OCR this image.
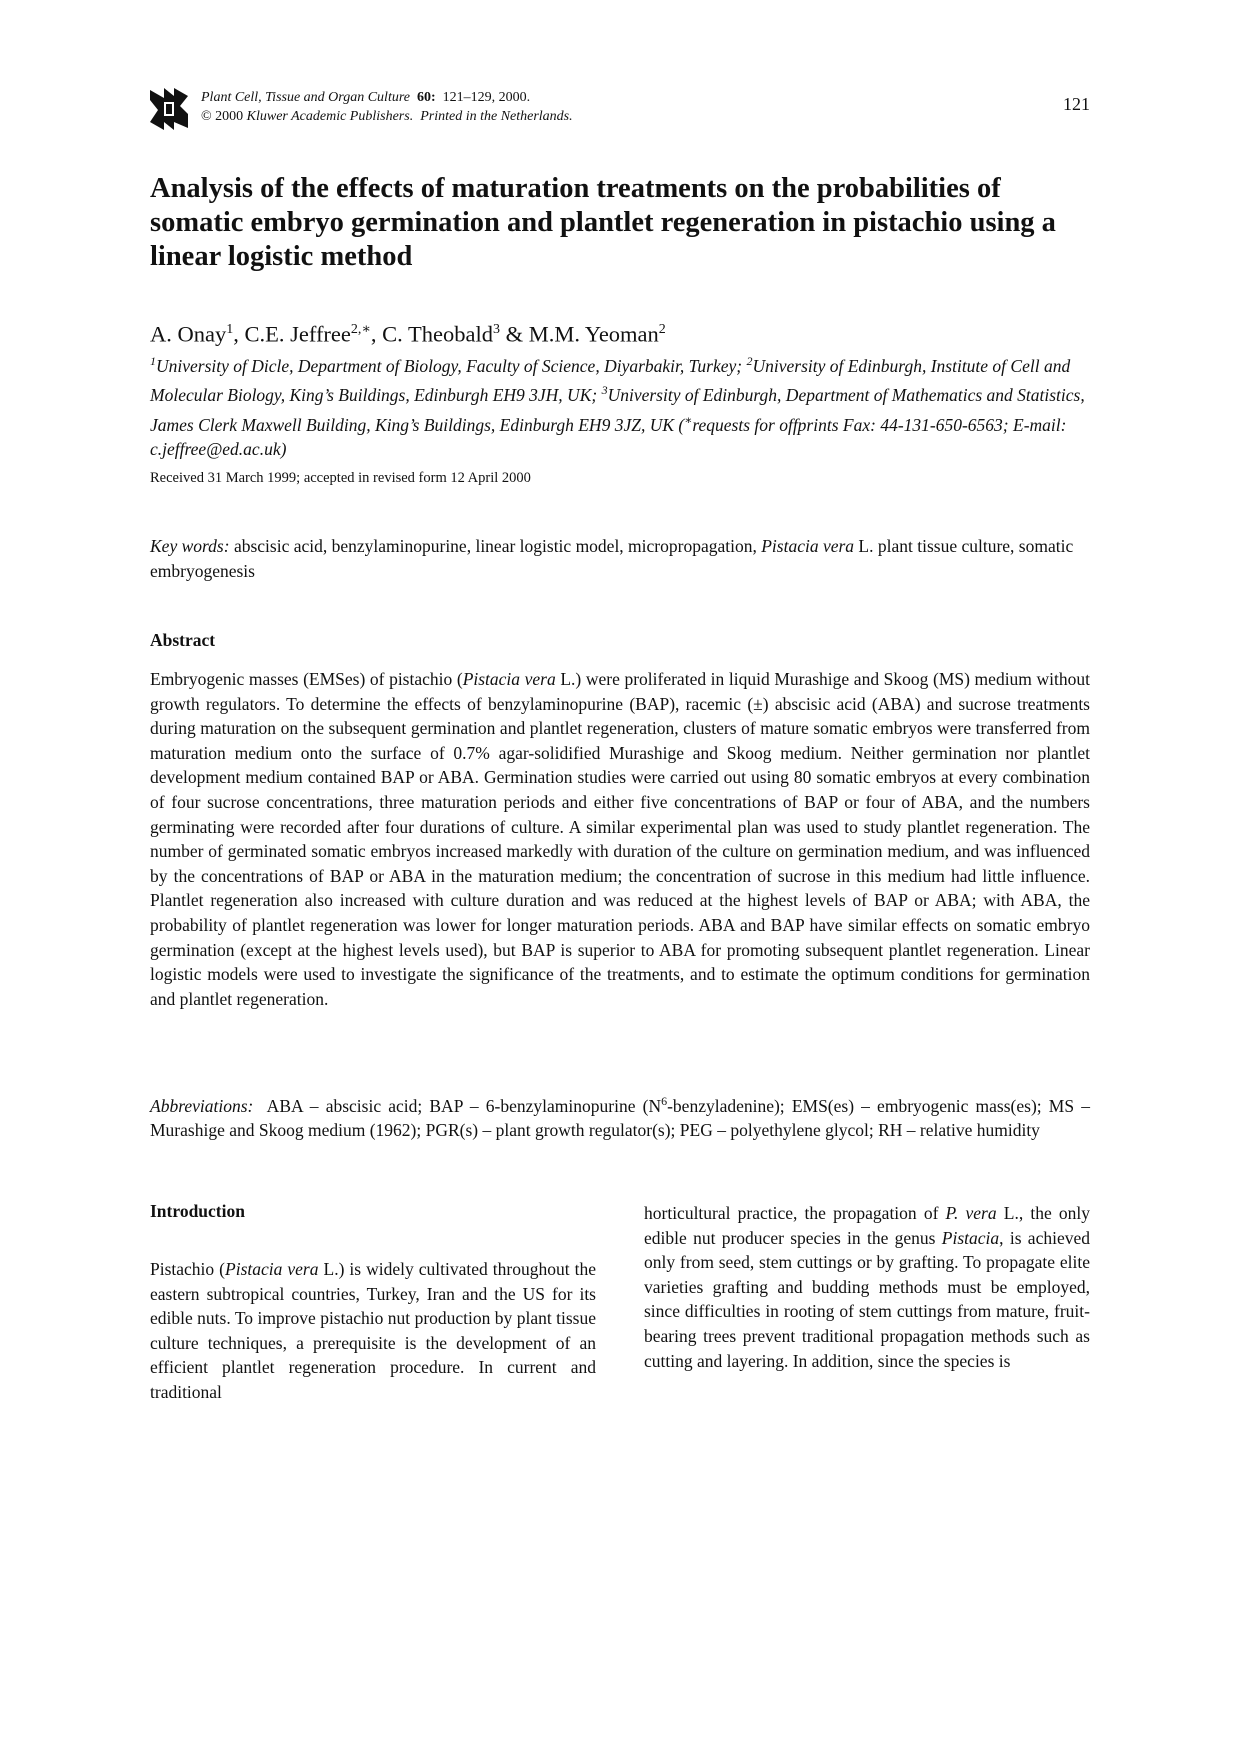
Plant Cell, Tissue and Organ Culture 60: 121–129, 2000.
© 2000 Kluwer Academic Publishers. Printed in the Netherlands.
121
Analysis of the effects of maturation treatments on the probabilities of somatic embryo germination and plantlet regeneration in pistachio using a linear logistic method
A. Onay$^1$, C.E. Jeffree$^{2,∗}$, C. Theobald$^3$ & M.M. Yeoman$^2$
$^1$University of Dicle, Department of Biology, Faculty of Science, Diyarbakir, Turkey; $^2$University of Edinburgh, Institute of Cell and Molecular Biology, King’s Buildings, Edinburgh EH9 3JH, UK; $^3$University of Edinburgh, Department of Mathematics and Statistics, James Clerk Maxwell Building, King’s Buildings, Edinburgh EH9 3JZ, UK (∗requests for offprints Fax: 44-131-650-6563; E-mail: c.jeffree@ed.ac.uk)
Received 31 March 1999; accepted in revised form 12 April 2000
Key words: abscisic acid, benzylaminopurine, linear logistic model, micropropagation, Pistacia vera L. plant tissue culture, somatic embryogenesis
Abstract

Embryogenic masses (EMSes) of pistachio (Pistacia vera L.) were proliferated in liquid Murashige and Skoog (MS) medium without growth regulators. To determine the effects of benzylaminopurine (BAP), racemic (±) abscisic acid (ABA) and sucrose treatments during maturation on the subsequent germination and plantlet regeneration, clusters of mature somatic embryos were transferred from maturation medium onto the surface of 0.7% agar-solidified Murashige and Skoog medium. Neither germination nor plantlet development medium contained BAP or ABA. Germination studies were carried out using 80 somatic embryos at every combination of four sucrose concentrations, three maturation periods and either five concentrations of BAP or four of ABA, and the numbers germinating were recorded after four durations of culture. A similar experimental plan was used to study plantlet regeneration. The number of germinated somatic embryos increased markedly with duration of the culture on germination medium, and was influenced by the concentrations of BAP or ABA in the maturation medium; the concentration of sucrose in this medium had little influence. Plantlet regeneration also increased with culture duration and was reduced at the highest levels of BAP or ABA; with ABA, the probability of plantlet regeneration was lower for longer maturation periods. ABA and BAP have similar effects on somatic embryo germination (except at the highest levels used), but BAP is superior to ABA for promoting subsequent plantlet regeneration. Linear logistic models were used to investigate the significance of the treatments, and to estimate the optimum conditions for germination and plantlet regeneration.

Abbreviations:  ABA – abscisic acid; BAP – 6-benzylaminopurine $(N^6-benzyladenine)$; EMS(es) – embryogenic mass(es); MS – Murashige and Skoog medium (1962); PGR(s) – plant growth regulator(s); PEG – polyethylene glycol; RH – relative humidity

Introduction

Pistachio (Pistacia vera L.) is widely cultivated throughout the eastern subtropical countries, Turkey, Iran and the US for its edible nuts. To improve pistachio nut production by plant tissue culture techniques, a prerequisite is the development of an efficient plantlet regeneration procedure. In current and traditional

horticultural practice, the propagation of P. vera L., the only edible nut producer species in the genus Pistacia, is achieved only from seed, stem cuttings or by grafting. To propagate elite varieties grafting and budding methods must be employed, since difficulties in rooting of stem cuttings from mature, fruit-bearing trees prevent traditional propagation methods such as cutting and layering. In addition, since the species is
